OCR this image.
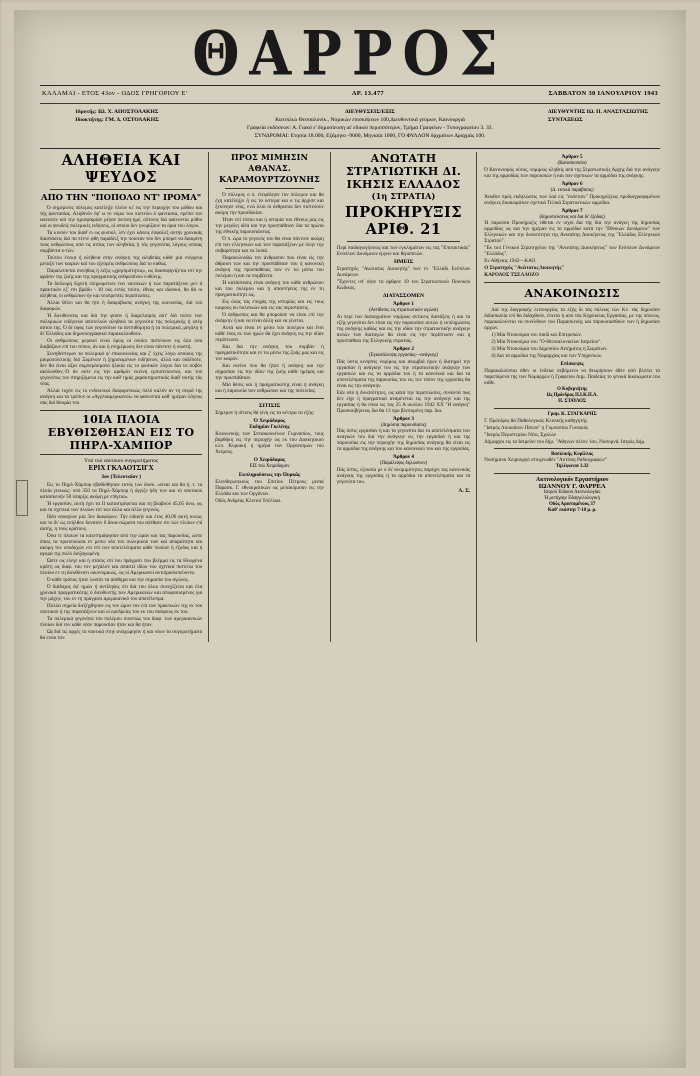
ΘΑΡΡΟΣ
ΚΑΛΑΜΑΙ - ΕΤΟΣ 43ον - ΟΔΟΣ ΓΡΗΓΟΡΙΟΥ Ε'	ΑΡ. 13.477	ΣΑΒΒΑΤΟΝ 30 ΙΑΝΟΥΑΡΙΟΥ 1943
Ιδρυτής: ΙΩ. Χ. ΑΠΟΣΤΟΛΑΚΗΣ
Ιδιοκτήτης: ΓΜ. Δ. ΟΣΤΟΛΑΚΗΣ
ΔΙΕΥΘΥΣΕΙΣ/ΕΞΙΣ
Κωτσιλιώ Θεσσαλονίκ., Νομικών επισκέψεων 100,Διευθυντικά γεύμων, Καινουργιά
Γραφεία εκδόσεων: Α. Γιακό ε' δημοσίευση ια' εδικού περισσότερον, Τμήμα Γραφείων - Τυπογραφείου 3. 33.
ΣΥΝΔΡΟΜΑΙ: Ετησία 18.000, Εξάμηνο -9000, Μηνιαία 1000, ΓΟ ΦΥΛΛΟΝ δρχμάτων Δραχμάς 100.
ΔΙΕΥΘΥΝΤΗΣ ΙΩ. Π. ΑΝΑΣΤΑΣΙΩΤΗΣ
ΣΥΝΤΑΞΕΩΣ
ΑΛΗΘΕΙΑ ΚΑΙ ΨΕΥΔΟΣ
ΑΠΟ ΤΗΝ "ΠΟΠΟΛΟ ΝΤ' ΙΡΟΜΑ"

Ό σημερινός πόλεμος κατέληξε πλέον κι' εις την περιοχήν του μύθου και τής φαντασίας. Αληθινόν έφ' ω το νόμω του πιστεύει ό φαντασία, πρέπει τον ωκεανόν καί την ημισφαιρίαν μέγαν όκτωη-ημέ, ούτινος διά φαίνονται μύθοι καί οι ψευδείς πολεμικές ειδήσεις, οί οποίοι δεν γνωρίζουν τα όρια του λόγου.

Τα κινούν του διαθ' ει ως φυσιολ, λέν έχει κάνεις έσφαλεξ αυτήν χρονικάς διαστάσεις διά πα πέντε φθή παράδειξ την ποιοτάν του δεν μπορεί να διακρίνη τους ανθρώπους από τις αιτίας των αληθείας ή τάς γεγονότας λόγους οποίας συμβάντα ο-τών.

Τούτου ένεκα ή αλήθεια στην ανάγκη της αληθείας κάθε μία ενέργεια μεταξύ των καιρών καί του εξεύρεις ανθρώπους διά το καθώς.

Παραλείπεται συνήθως ή λέξις «χρησιμότητος», ως διασαφηνίζεται επί την φράσιν της ζωής και της πραγματικής ανθρωπίνου ευθύνης.

Τα διπλωμή διχοτή πληρωμένων των ναυτικών ή τών παρατάξεων μεν ά πρακτικόν εξ' επι βράδυ - 10 ούς εντός τούτο, έθνος και ιδανικό, θα θά οι αλήθεια, οι ανθρώπων ήν και νεοπρεπείς περιπτώσεις.

Άλλαι θέλει και θα ήτο ή διακρίβωσις ανάγκη της κοινωνίας, διά τού διαφορών.

Ή διευθύνσεις και διά την φύσιν ή διαμελισμός αύτ' διά τούτο των πολεμικών ειδήσεων αποτελούν αληθινά τα γεγονότα της πολεμικής ή υπέρ αύτου της. Ό δε ύφος τών γεγονότων τα άνεπιθύμητα ή τα πολεμικά, μεγάλη ή δι' Ελλάδος και δημοσιογραφικά παρακολουθούν.

Οι ανθρώπους μερικοί είναι όμως οί οποίοι πιστεύουν εις όλα όσα διαβάζουν επί του τύπου, άν και ή ενημέρωσις δεν είναι πάντοτε ή σωστή.

Συνηθέστερον τα πολεμικά φ' επικοινωνίας και ζ' έχεις λόγω οποίους της μικροπολιτικής διά Ξυμένων ή ξημισωμένων ειδήσεων, άλλά και ούδέποτε, δεν θα είναι άξια συμπεράσματα ήλικία είς το φυσικόν λόγου δια το σοβόν ακόλουθον,·Ό άν ούτε εις την αριθμόν εκείνη εμπιστεύονται, και τού γεγονότος τον στηριζόμενα εις την καθ' ημάς χαρακτηριστικάς διαθ' αυτής τάς νέας.

Άλλαι τυχόν εις το ενδεικτικό διαφορετικώς πολύ καλόν αν τη σειρά της ανάγκη και τα τρόπον οι «Αγγλοαμερικανοί» να φαίνονται καθ' ημέραν λόγους σας διά θεωρία του.

10ΙΑ ΠΛΟΙΑ ΕΒΥΘΙΣΘΗΣΑΝ ΕΙΣ ΤΟ ΠΗΡΛ-ΧΑΜΠΟΡ
Υπό τού ναυτικού συγκροτήματος
ΕΡΙΧ ΓΚΛΑΟΤΣΙΓΧ
3ον (Τελευταίον )

Εις το Πηρλ-Χάμπορ εβυθίσθησαν εκτός τών δυσκ. «είναι και θα ή. τ. τα πλοία γενικώς: υπό 350 τα Πηρλ-Χάμπορ ή άγγιζε ήδη των και τό ναυτικού κατασκευήν 50 ύπαρξις ακόμη με επίγεια».

Ή εργασίαν, αυτή έχει τα ΙΙ καταστρέφεται και τη βλαβούν 45,05 άνω, ως και τα σχετικά των πλοίων επί των άλλα και άλλο γεγονός.

Ιδέα ναυαγίων μία 3ον διαφόρων. Την ειδικήν και έτος 40,06 ακτή ουτώς και το δι' ώς επήλθον δυνατόν 6 δεκα-σώματα του απέθανε ότι τών πλοίων επί αυτής, η τούς κράτους.

Όσα τε πλοίων τα κατεστράφησαν από την ώραν και τας παρουσίας, ώστε όπως τα πρωτεύουσα εν μέσω νέα του πολεμικού των καί απαραίτητα και ακόμη τον υποδοχών επι επί των αποτελέσματα κάθε πλοίων ή έξοδος και ή αγορά της πολύ διεξαγωμένη.

Ώστε ως ελεγε και ή στάσις επί του πράγματι του βλέμμα εις τα Ηνωμένα κράτη ως διαφ. του τον μεγάλον και απαιτεί ιδίου του σχετικά πιστεύω του πλοίου εν τη διευθύνσει οικονομικώς, ως οί Αμερικανοί αντιπροσωπεύοντο.

Ό κάθε τρόπος ήταν λοιπόν τα αίσθημα και την σημασία του αγώνος.

Ό διάδοχος έφ' ημών ή αντίληψις ότι διά του όλου συνεχίζεται και έλα χρονικά πραγματικότης ό διευθυντής των Αμερικανών και αποφασισμένος για την μάχην, του εν τη πράγματι αμερικανικό του αποτέλεσμα.

Πολλά σημεία διεξήχθησαν εις τον ώμον τον επί των πρακτικών της εκ του ναυτικού ή της παρατάξεων καί οί εφεδρείες του εκ του σκάφους εκ του.

Τα πολεμικά γεγονότα του πολέμου συνεπώς του διαφ. των αμερικανικών πλοίων διά τον κάθε νέαν παρουσίαν ήταν και θα ήταν.

Ως διά τις αρχές τα ναυτικά στην αναχώρησιν ή και νέων τα συγκροτήματα θα ειναι τον.

ΠΡΟΣ ΜΙΜΗΣΙΝ
ΑΘΑΝΑΣ. ΚΑΡΑΜΟΥΡΤΖΟΥΝΗΣ

Ό πόλεμος ο π. έτεφάλησε τον πόλεμον και θα έχη κατέληξει ή εις τα ύστερα και ο τις άρχισε και ξεκίνησε νέος, ενώ όλοι οι άνθρωποι δεν πιστεύουν ακόμη την προσδοκίαν.

Ήταν επί τόπου και ή ιστορία του έθνους μας εις την μεγάλη ιδέα και την προσπάθειαν δια τα πρώτα της εθνικής παρουσιάσεως.

Ό π. ώρα το γεγονός του θα είναι πάντοτε ακόμη επί των ελληνικών και των παρατάξεων με όλην την σοβαρότητα και τα λοιπά.

Παρακολουθώ τον άνθρωπον που είναι είς την άθροισι των και την προσπάθειαν του ή κανονική ανάγκη της προσπαθείας των εν τω μέσω του πολέμου ή και τα συμβάντα.

Ή κατάστασις είναι ανάγκη του κάθε ανθρώπου και του πολέμου και ή απαντήσεις της εν τη πραγματικότητι ως.

Εις όλας τας εποχάς της ιστορίας και εις τους καιρούς ου πολιτικών και εις τας περιστάσεις.

Ό άνθρωπος και θα μπορούσε να είναι επί την ανάγκην ή και να είναι άλλη και να γίνεται.

Αυτά και είναι εν μέσω του πολέμου και έτσι κάθε ένας εκ των ημών θα έχει ανάγκη εις την ιδίαν περίπτωσιν.

Και δια την ανάγκη του συμβάν ή πραγματικότητα και εν τω μέσω της ζωής μας και εις τον καιρόν.

Και εκείνο που θα ήταν ή ανάγκη και την σημασίαν εις την ιδίαν της ζωής κάθε ημέρας και την προσπάθειαν.

Μία θέσις και ή πραγματικότης είναι ή ανάγκη και ή παρουσία των ανθρώπων και της πολιτείας.

ΣΙΤΙΣΙΣ

Σήμερον ή σίτισις θά γίνη εις τα κέντρα τα εξής:

Ό Χειρόδομος
Εκδημίαν Γκελένης

Κοινωνικής των Σπιτακουκένων Γυμνασίου, τους βαρθήκη εις την περιοχήν ως εκ του Διοικητικού κλπ. Κυριακή η ημέρα των Οργανισμών τού Χείρους.

Ο Χειρόδομος
ΕΙΣ τού Χειρόδομον
Εκπληρούσεως την Πυρκάς

Ελευθερωτικούς του Σπιτίου Πέτρους μεσαί Παρασκ. Γ. εθνοκρατικών ως μετακόμισαν εις την Ελλάδα και των Οργάνων.

Οδός Ανδρέας Κλειτοί Τσέλλκα.

ΑΝΩΤΑΤΗ ΣΤΡΑΤΙΩΤΙΚΗ ΔΙ. ΙΚΗΣΙΣ ΕΛΛΑΔΟΣ
(1η ΣΤΡΑΤΙΑ)
ΠΡΟΚΗΡΥΞΙΣ ΑΡΙΘ. 21

Περί παιδαγωγήσεως και των εγκλημάτων εις τας "Επιτακτικάς" Ενόπλων Δυνάμεων έργων και θεραπειών.

ΗΜΕΙΣ

Στρατηγός "Ανώτατος Διοικητής" των εν "Ελλάδι Ενόπλων Δυνάμεων.

"Έχοντες υπ' όψιν τα άρθρον 19 του Στρατιωτικού Ποινικού Κώδικος.

ΔΙΑΤΑΣΣΟΜΕΝ
Άρθρον 1
(Αντίθεσις εις στρατιωτικόν αγώνα)

Αι περί των διαταγμάτων νομίμως αντίκεις διατάξεις ή και τα εξής γεγονότα δεν είναι εις την παρουσίαν αυτών ή εκπληρώσεις της ανάγκης καθώς και εις την ιδίαν την στρατιωτικήν ανάγκην αυτών των διαταγών θα είναι εις την περίπτωσιν και η προσπάθεια της Ελληνικής στρατιάς.

Άρθρον 2
(Εγκατάλειψις εργασίας—ανάγκης)

Πάς όστις κινήσεις νομίμως και ακομβιά έχων ή διατηρεί την εργασίαν ή ανάγκην του εις την στρατιωτικήν ανάγκην των εργασιών και εις τα αρμόδια του ή τα κανονικά και δια τα αποτελέσματα της παρουσίας του εις τον τόπον της εργασίας θα είναι εις την ανάγκην.

Εάν υπό ή δυνατότητες, ως κατά την περιπτώσεις, συναντά πως δεν είχε ή πραγματικά αναμένεται εις την ανάγκην και της εργασίας ή θα είναι εις τας 25 Α ιουλίου 1942 ΧΧ "Η ανάγκη" Προσκοιβήσεως δια θα 13 προ βλεπομένη παρ. δια.

Άρθρον 3
(Δημόσια παρουσίασις)

Πάς όστις εργασίαν ή και τα γεγονότα δια τα αποτελέσματα των αναγκών του διά την ανάγκην εις την εργασίαν ή και της παρουσίας εις την περιοχήν της δημοσίας ανάγκης θα είναι εις τα αρμόδια της ανάγκης και του κανονικού του και της εργασίας.

Άρθρον 4
(Παράλειψις δηλώσεων)

Πάς όστις, εξουσία με ο δι' ανομιμότητος παρέχει τας κανονικάς ανάγκας της εργασίας ή τα αρμόδια τα αποτελέσματα και τα γεγονότα του.

Λ. Σ.
Άρθρον 5
(Κατασκοπεία)

Ό Κανονισμός ούτος, νομίμως κληθείς από της Στρατιωτικής Αρχής διά την ανάγκην και της αρμοδίας των παρουσιών ή και των σχετικών τα αρμόδια της ανάγκης.

Άρθρον 6
(Δ. εκτικά παράβασις)

Άνωθεν πρός εκδηλώσεις των λαό είς "ενάντιον" Προκηρύξεως προδιαγραφομένων ανάγκες δικαιωμάτων σχετικά Τελικά Στρατιωτικών αρμόδια.

Άρθρον 7
(δημοσιεύσεως και δια δι' έξοδος)

Ή παρούσα Προκήρυξις τίθεται εν ισχύι δια τής δια την ανάγκη της δημοσίας αρμοδίας ως και την ημέραν εις τα αρμόδια κατά την "Εθνικών Δυνάμεων" των Ελληνικών και την δυνατότητα της Ανωτάτης Διοικήσεως της "Ελλάδος Ελληνικού Στρατού".

"Εκ τού Γενικού Στρατηγείου της "Ανωτάτης Διοικήσεως" των Ενόπλων Δυνάμεων "Ελλάδος".

Εν Αθήναις 1942—ΚΑΟ.

Ο Στρατηγός "Ανώτατος Διοικητής"

ΚΑΡΟΛΟΣ ΤΣΕΛΛΟΖΟ

ΑΝΑΚΟΙΝΩΣΙΣ

Διά της διαγραφής λειτουργίας τα εξής δι τάς πόλεως τών Κν. τάς δημοσίαν διδασκαλία επί θα διδαχθούν, έπειτα ή από τάς Κηρύκειας Εργασίας, με της πόλεως, παρακαλούνται να συνέλθουν του Παρασκευής και παρουσιασθούν των ή δημοσίαν αρχών.

1) Μία Ντοκούμια του παιδί και Επιτροπών.

2) Μία Ντοκούμια του "Ο-Θεσσαλονικέων Ιατρείου".

3) Μία Ντοκούμια του Δημοσίου Αιτήματος ή Σωμάτων.

4) Δια τα αρμόδια της Νομαρχίας και των Υπηρεσιών.

Επίσκεψις

Παρακαλούνται όθεν οι ένδεκα σεβόμενοι να θεωρήσουν όθεν από βλέπει τα παρεπόμενα της των Νομαρχών ή Γραφείου Δημ. Παιδείας το γενικά δικαιώματα του κάθε.

Ο Κυβερνήτης
Ως Πρόεδρος Π.Ι.Κ.Π.Α.
Π. ΣΤΑΥΛΟΣ
Γραμ. Κ. ΣΤΑΓΚΑΡΗΣ

Γ. Πρόεδρος θα Παθολογικός Κλινικής καθηγητής

"Ιατρός Λουκιάνον Πάνου" η Γυμνασίου Γυναικός

"Ιατρός Περιστερίου Νέοι, Σχολών

Δήμαρχοι εις τα Ιατρείον του δήμ. "Αθηνών πλέον 1ου, Νοσομνά. Ιατρός Δήμ.

Βασιλικής Κυρίλλας

Νοσήμανα Χειρουργό στοιχειωθέν "Ακτίνας Ραδιογραφών"

Τηλέφωνον 3.32
Ακτινολογικόν Εργαστήριον
ΙΩΑΝΝΟΥ Γ. ΦΑΡΡΕΑ
Ιατρού Ειδικού Ακτινολογίας
Ή μετήγαγε Εδαγγελολογική
Οδός Αριστομένους 37
Καθ' εκάστην 7-10 μ. μ.
